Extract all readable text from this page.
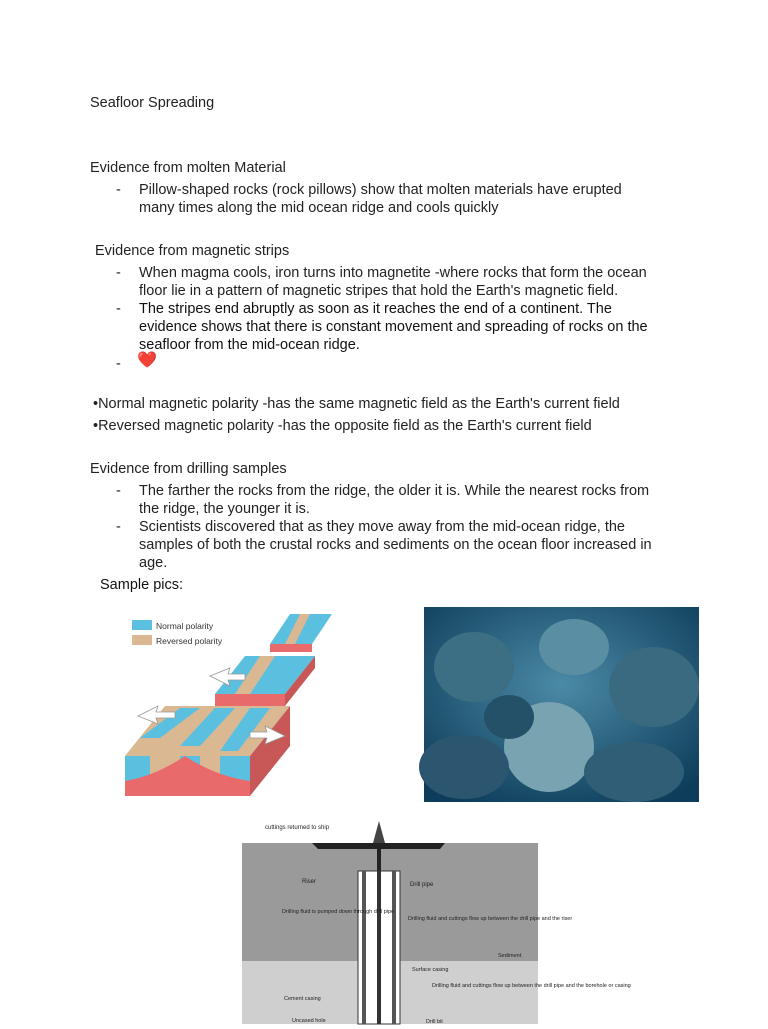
Seafloor Spreading
Evidence from molten Material
- Pillow-shaped rocks (rock pillows) show that molten materials have erupted
many times along the mid ocean ridge and cools quickly
Evidence from magnetic strips
- When magma cools, iron turns into magnetite -where rocks that form the ocean
floor lie in a pattern of magnetic stripes that hold the Earth's magnetic field.
- The stripes end abruptly as soon as it reaches the end of a continent. The
evidence shows that there is constant movement and spreading of rocks on the
seafloor from the mid-ocean ridge.
- ❤️
•Normal magnetic polarity -has the same magnetic field as the Earth's current field
•Reversed magnetic polarity -has the opposite field as the Earth's current field
Evidence from drilling samples
- The farther the rocks from the ridge, the older it is. While the nearest rocks from
the ridge, the younger it is.
- Scientists discovered that as they move away from the mid-ocean ridge, the
samples of both the crustal rocks and sediments on the ocean floor increased in
age.
Sample pics:
Normal polarity
Reversed polarity
cuttings returned to ship
Riser	Drill pipe
Drilling fluid is pumped down through drill pipe
Drilling fluid and cuttings flow up between the drill pipe and the riser
Sediment
Surface casing
Drilling fluid and cuttings flow up between the drill pipe and the borehole or casing
Cement casing
Uncased hole	Drill bit
